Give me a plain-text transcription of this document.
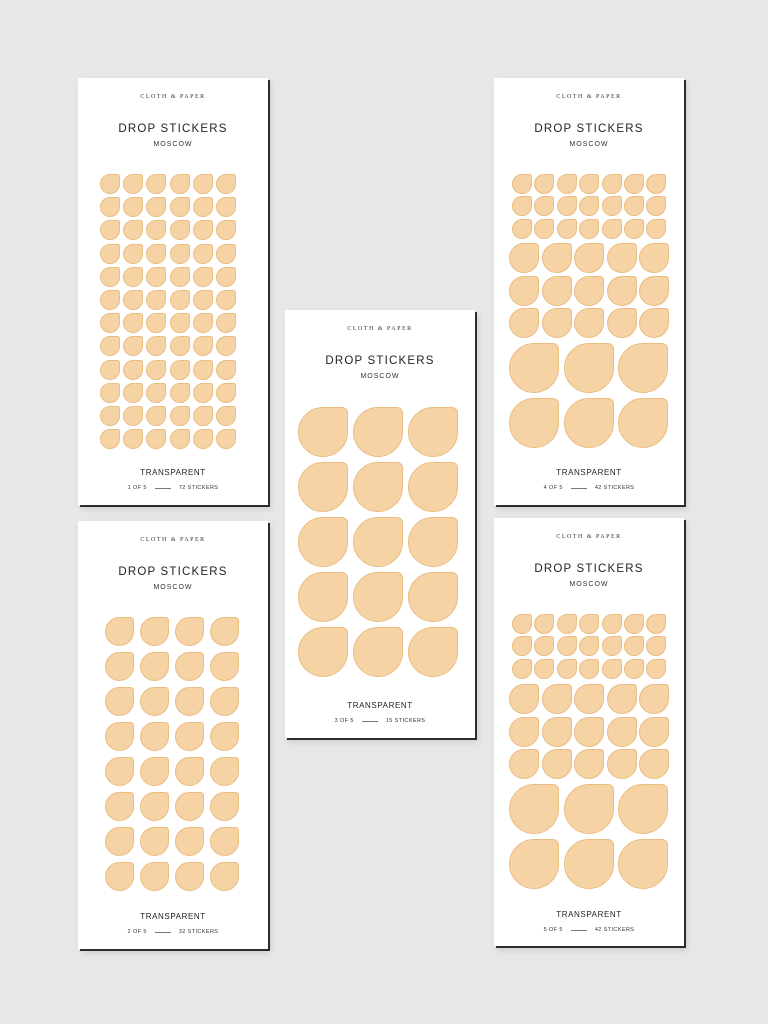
CLOTH & PAPER
DROP STICKERS
MOSCOW
TRANSPARENT
1 OF 5	72 STICKERS
CLOTH & PAPER
DROP STICKERS
MOSCOW
TRANSPARENT
2 OF 5	32 STICKERS
CLOTH & PAPER
DROP STICKERS
MOSCOW
TRANSPARENT
3 OF 5	15 STICKERS
CLOTH & PAPER
DROP STICKERS
MOSCOW
TRANSPARENT
4 OF 5	42 STICKERS
CLOTH & PAPER
DROP STICKERS
MOSCOW
TRANSPARENT
5 OF 5	42 STICKERS
